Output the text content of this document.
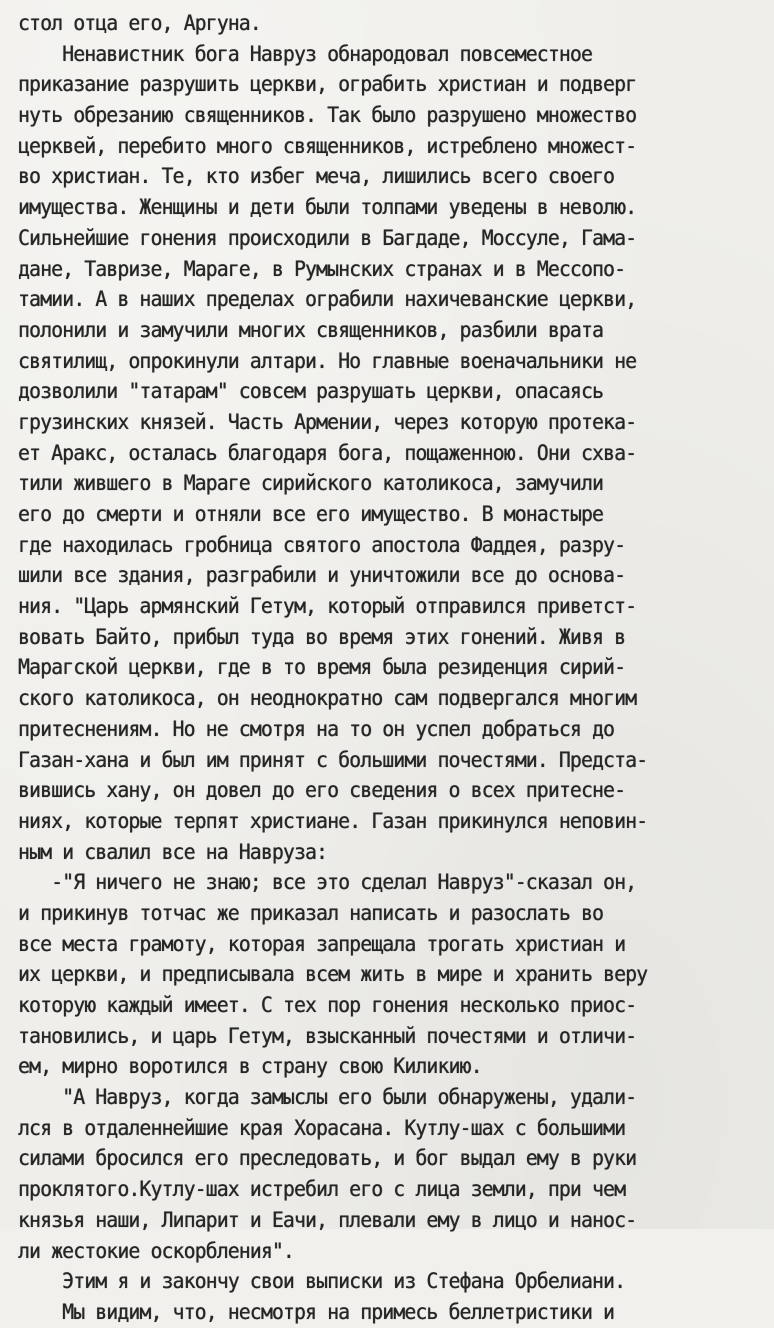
стол отца его, Аргуна.
Ненавистник бога Навруз обнародовал повсеместное
приказание разрушить церкви, ограбить христиан и подверг
нуть обрезанию священников. Так было разрушено множество
церквей, перебито много священников, истреблено множест-
во христиан. Те, кто избег меча, лишились всего своего
имущества. Женщины и дети были толпами уведены в неволю.
Сильнейшие гонения происходили в Багдаде, Моссуле, Гама-
дане, Тавризе, Мараге, в Румынских странах и в Мессопо-
тамии. А в наших пределах ограбили нахичеванские церкви,
полонили и замучили многих священников, разбили врата
святилищ, опрокинули алтари. Но главные военачальники не
дозволили "татарам" совсем разрушать церкви, опасаясь
грузинских князей. Часть Армении, через которую протека-
ет Аракс, осталась благодаря бога, пощаженною. Они схва-
тили жившего в Мараге сирийского католикоса, замучили
его до смерти и отняли все его имущество. В монастыре
где находилась гробница святого апостола Фаддея, разру-
шили все здания, разграбили и уничтожили все до основа-
ния. "Царь армянский Гетум, который отправился приветст-
вовать Байто, прибыл туда во время этих гонений. Живя в
Марагской церкви, где в то время была резиденция сирий-
ского католикоса, он неоднократно сам подвергался многим
притеснениям. Но не смотря на то он успел добраться до
Газан-хана и был им принят с большими почестями. Предста-
вившись хану, он довел до его сведения о всех притесне-
ниях, которые терпят христиане. Газан прикинулся неповин-
ным и свалил все на Навруза:
-"Я ничего не знаю; все это сделал Навруз"-сказал он,
и прикинув тотчас же приказал написать и разослать во
все места грамоту, которая запрещала трогать христиан и
их церкви, и предписывала всем жить в мире и хранить веру
которую каждый имеет. С тех пор гонения несколько приос-
тановились, и царь Гетум, взысканный почестями и отличи-
ем, мирно воротился в страну свою Киликию.
"А Навруз, когда замыслы его были обнаружены, удали-
лся в отдаленнейшие края Хорасана. Кутлу-шах с большими
силами бросился его преследовать, и бог выдал ему в руки
проклятого.Кутлу-шах истребил его с лица земли, при чем
князья наши, Липарит и Еачи, плевали ему в лицо и нанос-
ли жестокие оскорбления".
Этим я и закончу свои выписки из Стефана Орбелиани.
Мы видим, что, несмотря на примесь беллетристики и
